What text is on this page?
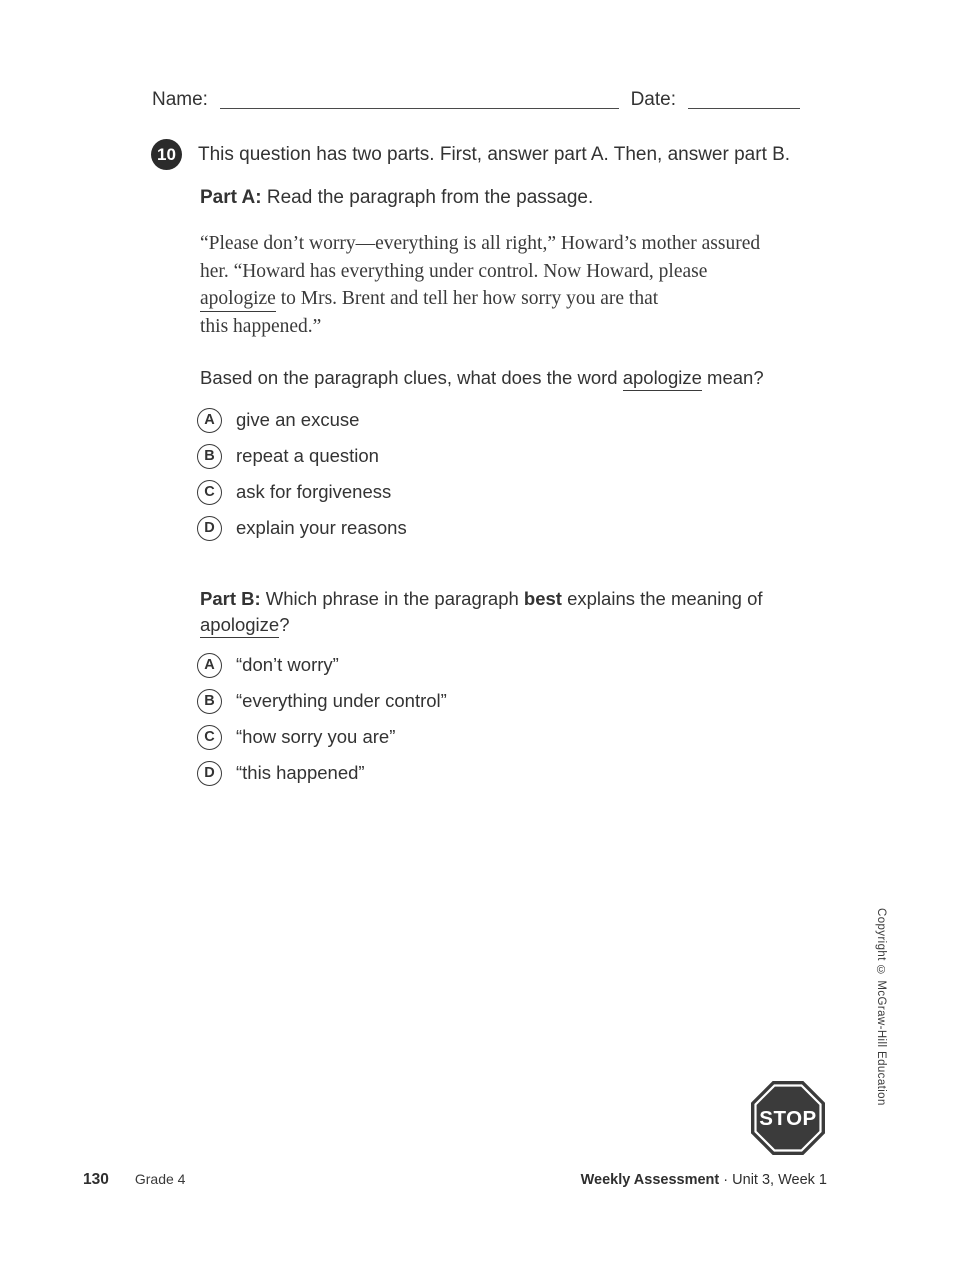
Name:	Date:
10	This question has two parts. First, answer part A. Then, answer part B.
Part A: Read the paragraph from the passage.
“Please don’t worry—everything is all right,” Howard’s mother assured
her. “Howard has everything under control. Now Howard, please
apologize to Mrs. Brent and tell her how sorry you are that
this happened.”
Based on the paragraph clues, what does the word apologize mean?
A	give an excuse
B	repeat a question
C	ask for forgiveness
D	explain your reasons
Part B: Which phrase in the paragraph best explains the meaning of
apologize?
A	“don’t worry”
B	“everything under control”
C	“how sorry you are”
D	“this happened”
Copyright © McGraw-Hill Education
STOP
130 Grade 4	Weekly Assessment · Unit 3, Week 1
